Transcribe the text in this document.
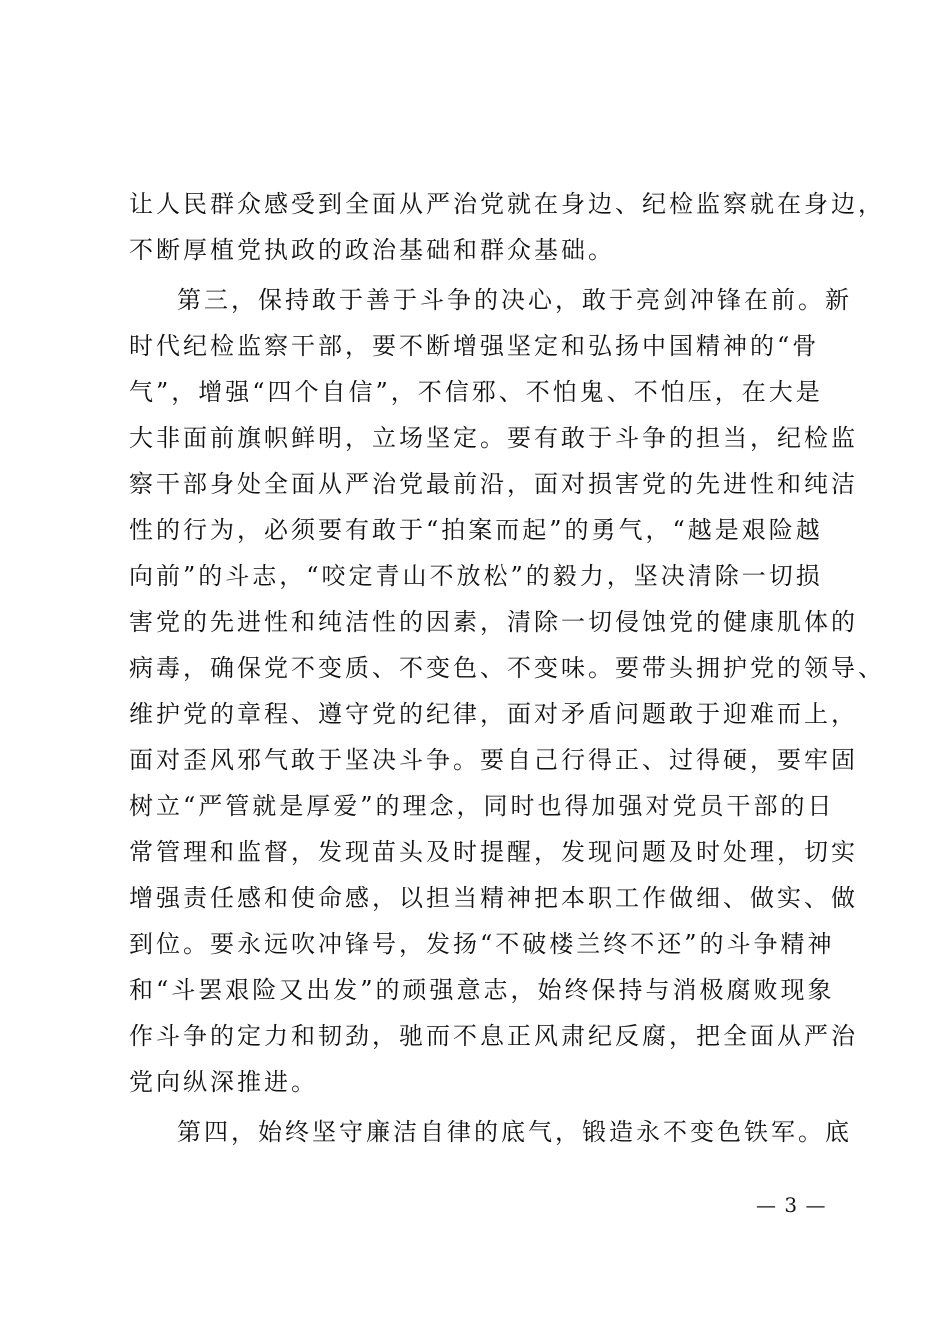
让人民群众感受到全面从严治党就在身边、纪检监察就在身边，
不断厚植党执政的政治基础和群众基础。
第三，保持敢于善于斗争的决心，敢于亮剑冲锋在前。新
时代纪检监察干部，要不断增强坚定和弘扬中国精神的“骨
气”，增强“四个自信”，不信邪、不怕鬼、不怕压，在大是
大非面前旗帜鲜明，立场坚定。要有敢于斗争的担当，纪检监
察干部身处全面从严治党最前沿，面对损害党的先进性和纯洁
性的行为，必须要有敢于“拍案而起”的勇气，“越是艰险越
向前”的斗志，“咬定青山不放松”的毅力，坚决清除一切损
害党的先进性和纯洁性的因素，清除一切侵蚀党的健康肌体的
病毒，确保党不变质、不变色、不变味。要带头拥护党的领导、
维护党的章程、遵守党的纪律，面对矛盾问题敢于迎难而上，
面对歪风邪气敢于坚决斗争。要自己行得正、过得硬，要牢固
树立“严管就是厚爱”的理念，同时也得加强对党员干部的日
常管理和监督，发现苗头及时提醒，发现问题及时处理，切实
增强责任感和使命感，以担当精神把本职工作做细、做实、做
到位。要永远吹冲锋号，发扬“不破楼兰终不还”的斗争精神
和“斗罢艰险又出发”的顽强意志，始终保持与消极腐败现象
作斗争的定力和韧劲，驰而不息正风肃纪反腐，把全面从严治
党向纵深推进。
第四，始终坚守廉洁自律的底气，锻造永不变色铁军。底
— 3 —
